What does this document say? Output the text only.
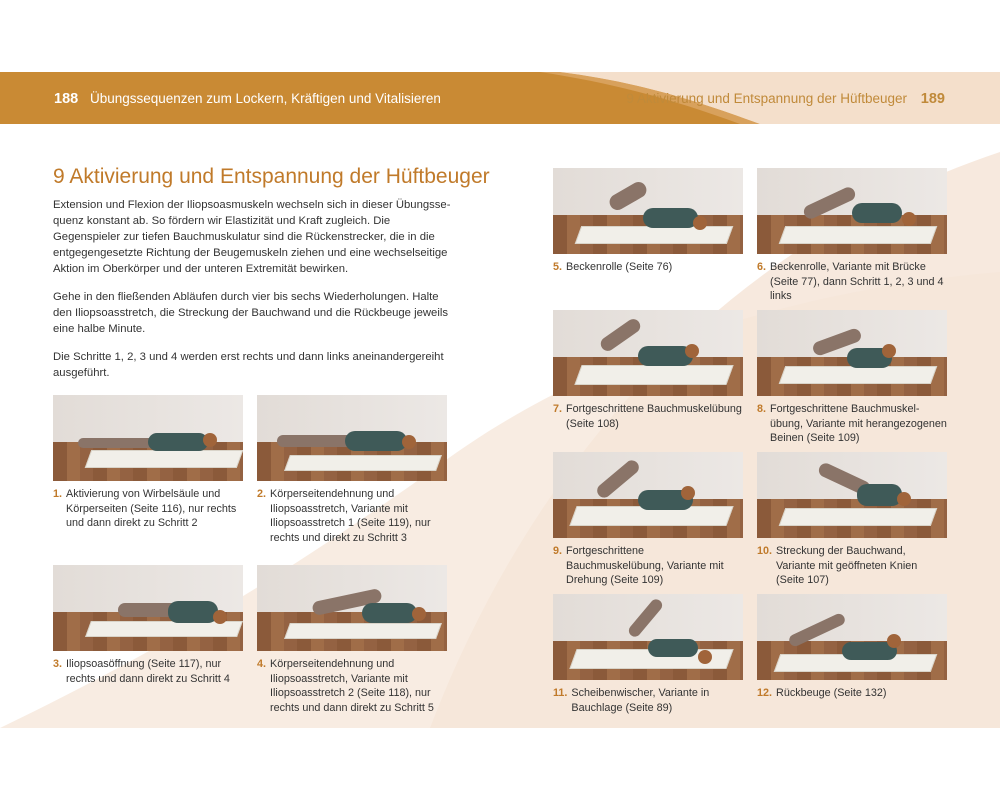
188 Übungssequenzen zum Lockern, Kräftigen und Vitalisieren	9 Aktivierung und Entspannung der Hüftbeuger 189
9 Aktivierung und Entspannung der Hüftbeuger

Extension und Flexion der Iliopsoasmuskeln wechseln sich in dieser Übungssequenz konstant ab. So fördern wir Elastizität und Kraft zugleich. Die Gegenspieler zur tiefen Bauchmuskulatur sind die Rückenstrecker, die in die entgegengesetzte Richtung der Beugemuskeln ziehen und eine wechselseitige Aktion im Oberkörper und der unteren Extremität bewirken.

Gehe in den fließenden Abläufen durch vier bis sechs Wiederholungen. Halte den Iliopsoasstretch, die Streckung der Bauchwand und die Rückbeuge jeweils eine halbe Minute.

Die Schritte 1, 2, 3 und 4 werden erst rechts und dann links aneinandergereiht ausgeführt.

1. Aktivierung von Wirbelsäule und Körperseiten (Seite 116), nur rechts und dann direkt zu Schritt 2
2. Körperseitendehnung und Iliopsoasstretch, Variante mit Iliopsoasstretch 1 (Seite 119), nur rechts und direkt zu Schritt 3
3. Iliopsoasöffnung (Seite 117), nur rechts und dann direkt zu Schritt 4
4. Körperseitendehnung und Iliopsoasstretch, Variante mit Iliopsoasstretch 2 (Seite 118), nur rechts und dann direkt zu Schritt 5
5. Beckenrolle (Seite 76)	6. Beckenrolle, Variante mit Brücke (Seite 77), dann Schritt 1, 2, 3 und 4 links
7. Fortgeschrittene Bauchmuskelübung (Seite 108)
8. Fortgeschrittene Bauchmuskelübung, Variante mit herangezogenen Beinen (Seite 109)
9. Fortgeschrittene Bauchmuskelübung, Variante mit Drehung (Seite 109)
10. Streckung der Bauchwand, Variante mit geöffneten Knien (Seite 107)
11. Scheibenwischer, Variante in Bauchlage (Seite 89)
12. Rückbeuge (Seite 132)
